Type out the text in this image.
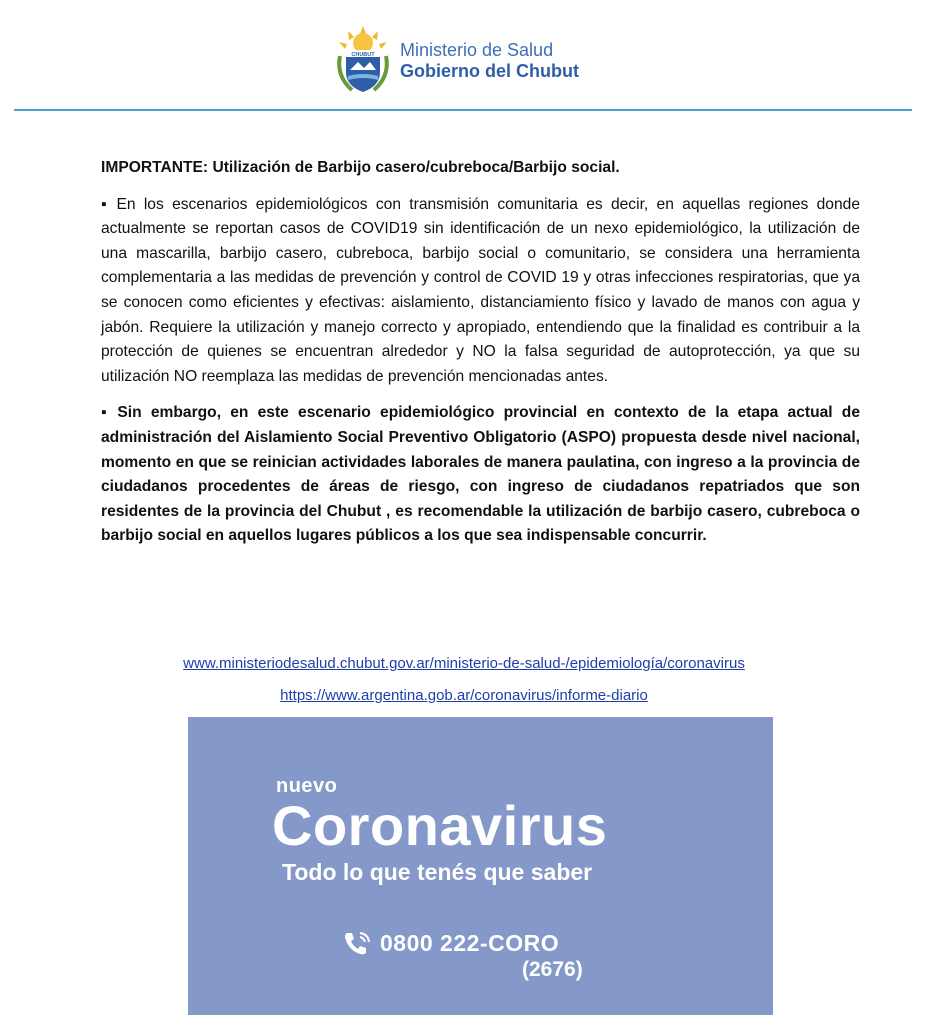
CHUBUT Ministerio de Salud
Gobierno del Chubut

IMPORTANTE: Utilización de Barbijo casero/cubreboca/Barbijo social.

▪ En los escenarios epidemiológicos con transmisión comunitaria es decir, en aquellas regiones donde actualmente se reportan casos de COVID19 sin identificación de un nexo epidemiológico, la utilización de una mascarilla, barbijo casero, cubreboca, barbijo social o comunitario, se considera una herramienta complementaria a las medidas de prevención y control de COVID 19 y otras infecciones respiratorias, que ya se conocen como eficientes y efectivas: aislamiento, distanciamiento físico y lavado de manos con agua y jabón. Requiere la utilización y manejo correcto y apropiado, entendiendo que la finalidad es contribuir a la protección de quienes se encuentran alrededor y NO la falsa seguridad de autoprotección, ya que su utilización NO reemplaza las medidas de prevención mencionadas antes.

▪ Sin embargo, en este escenario epidemiológico provincial en contexto de la etapa actual de administración del Aislamiento Social Preventivo Obligatorio (ASPO) propuesta desde nivel nacional, momento en que se reinician actividades laborales de manera paulatina, con ingreso a la provincia de ciudadanos procedentes de áreas de riesgo, con ingreso de ciudadanos repatriados que son residentes de la provincia del Chubut , es recomendable la utilización de barbijo casero, cubreboca o barbijo social en aquellos lugares públicos a los que sea indispensable concurrir.

www.ministeriodesalud.chubut.gov.ar/ministerio-de-salud-/epidemiología/coronavirus
https://www.argentina.gob.ar/coronavirus/informe-diario
nuevo
Coronavirus
Todo lo que tenés que saber
0800 222-CORO
(2676)
